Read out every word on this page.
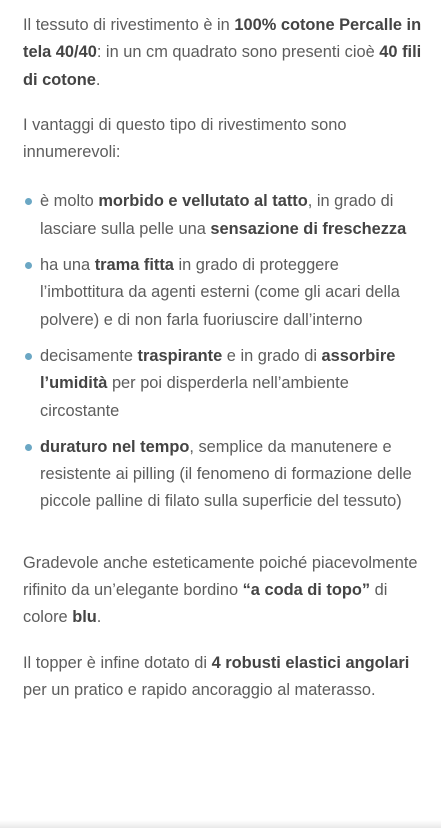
Il tessuto di rivestimento è in 100% cotone Percalle in tela 40/40: in un cm quadrato sono presenti cioè 40 fili di cotone.

I vantaggi di questo tipo di rivestimento sono innumerevoli:

è molto morbido e vellutato al tatto, in grado di lasciare sulla pelle una sensazione di freschezza
ha una trama fitta in grado di proteggere l’imbottitura da agenti esterni (come gli acari della polvere) e di non farla fuoriuscire dall’interno
decisamente traspirante e in grado di assorbire l’umidità per poi disperderla nell’ambiente circostante
duraturo nel tempo, semplice da manutenere e resistente ai pilling (il fenomeno di formazione delle piccole palline di filato sulla superficie del tessuto)

Gradevole anche esteticamente poiché piacevolmente rifinito da un’elegante bordino “a coda di topo” di colore blu.

Il topper è infine dotato di 4 robusti elastici angolari per un pratico e rapido ancoraggio al materasso.
